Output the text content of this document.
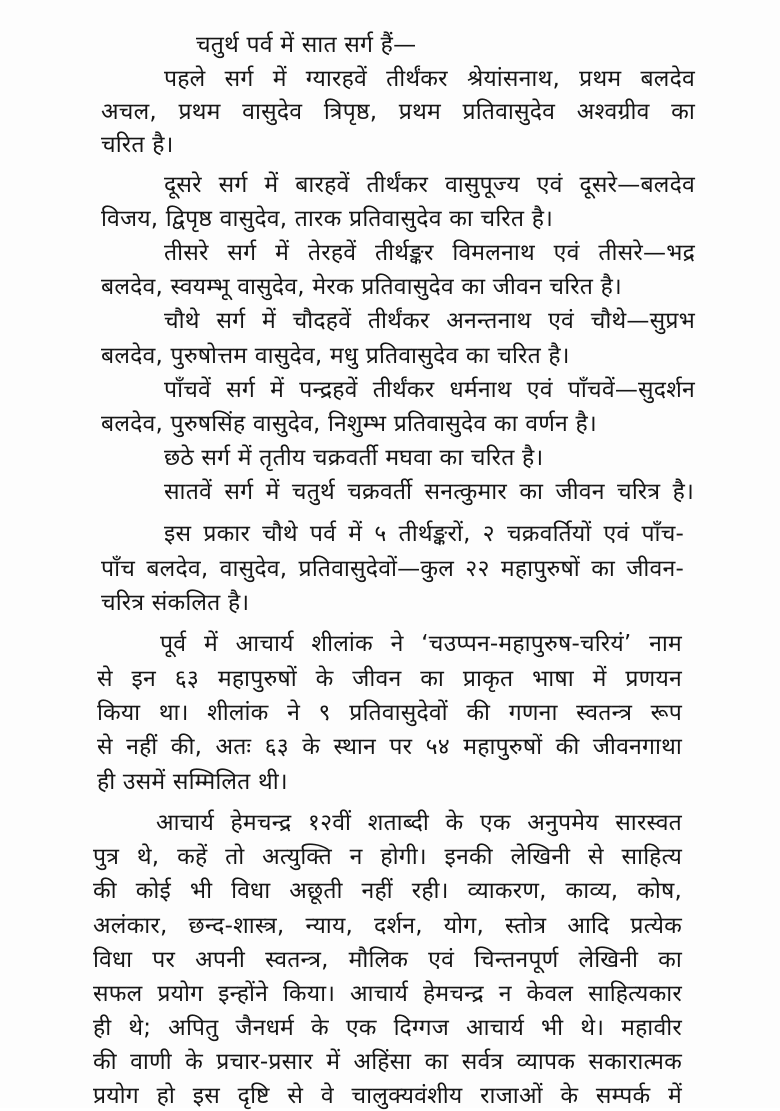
चतुर्थ पर्व में सात सर्ग हैं—
पहले सर्ग में ग्यारहवें तीर्थंकर श्रेयांसनाथ, प्रथम बलदेव
अचल, प्रथम वासुदेव त्रिपृष्ठ, प्रथम प्रतिवासुदेव अश्वग्रीव का
चरित है।
दूसरे सर्ग में बारहवें तीर्थंकर वासुपूज्य एवं दूसरे—बलदेव
विजय, द्विपृष्ठ वासुदेव, तारक प्रतिवासुदेव का चरित है।
तीसरे सर्ग में तेरहवें तीर्थङ्कर विमलनाथ एवं तीसरे—भद्र
बलदेव, स्वयम्भू वासुदेव, मेरक प्रतिवासुदेव का जीवन चरित है।
चौथे सर्ग में चौदहवें तीर्थंकर अनन्तनाथ एवं चौथे—सुप्रभ
बलदेव, पुरुषोत्तम वासुदेव, मधु प्रतिवासुदेव का चरित है।
पाँचवें सर्ग में पन्द्रहवें तीर्थंकर धर्मनाथ एवं पाँचवें—सुदर्शन
बलदेव, पुरुषसिंह वासुदेव, निशुम्भ प्रतिवासुदेव का वर्णन है।
छठे सर्ग में तृतीय चक्रवर्ती मघवा का चरित है।
सातवें सर्ग में चतुर्थ चक्रवर्ती सनत्कुमार का जीवन चरित्र है।
इस प्रकार चौथे पर्व में ५ तीर्थङ्करों, २ चक्रवर्तियों एवं पाँच-
पाँच बलदेव, वासुदेव, प्रतिवासुदेवों—कुल २२ महापुरुषों का जीवन-
चरित्र संकलित है।
पूर्व में आचार्य शीलांक ने ‘चउप्पन-महापुरुष-चरियं’ नाम
से इन ६३ महापुरुषों के जीवन का प्राकृत भाषा में प्रणयन
किया था। शीलांक ने ९ प्रतिवासुदेवों की गणना स्वतन्त्र रूप
से नहीं की, अतः ६३ के स्थान पर ५४ महापुरुषों की जीवनगाथा
ही उसमें सम्मिलित थी।
आचार्य हेमचन्द्र १२वीं शताब्दी के एक अनुपमेय सारस्वत
पुत्र थे, कहें तो अत्युक्ति न होगी। इनकी लेखिनी से साहित्य
की कोई भी विधा अछूती नहीं रही। व्याकरण, काव्य, कोष,
अलंकार, छन्द-शास्त्र, न्याय, दर्शन, योग, स्तोत्र आदि प्रत्येक
विधा पर अपनी स्वतन्त्र, मौलिक एवं चिन्तनपूर्ण लेखिनी का
सफल प्रयोग इन्होंने किया। आचार्य हेमचन्द्र न केवल साहित्यकार
ही थे; अपितु जैनधर्म के एक दिग्गज आचार्य भी थे। महावीर
की वाणी के प्रचार-प्रसार में अहिंसा का सर्वत्र व्यापक सकारात्मक
प्रयोग हो इस दृष्टि से वे चालुक्यवंशीय राजाओं के सम्पर्क में
